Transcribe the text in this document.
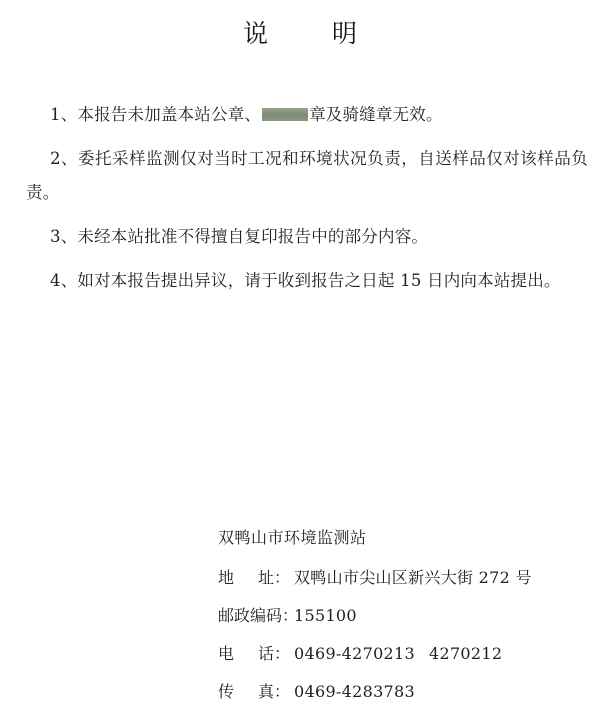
说 明

1、本报告未加盖本站公章、	章及骑缝章无效。

2、委托采样监测仅对当时工况和环境状况负责，自送样品仅对该样品负责。

3、未经本站批准不得擅自复印报告中的部分内容。

4、如对本报告提出异议，请于收到报告之日起 15 日内向本站提出。

双鸭山市环境监测站
地 址： 双鸭山市尖山区新兴大街 272 号
邮政编码：155100
电 话： 0469-4270213 4270212
传 真： 0469-4283783
